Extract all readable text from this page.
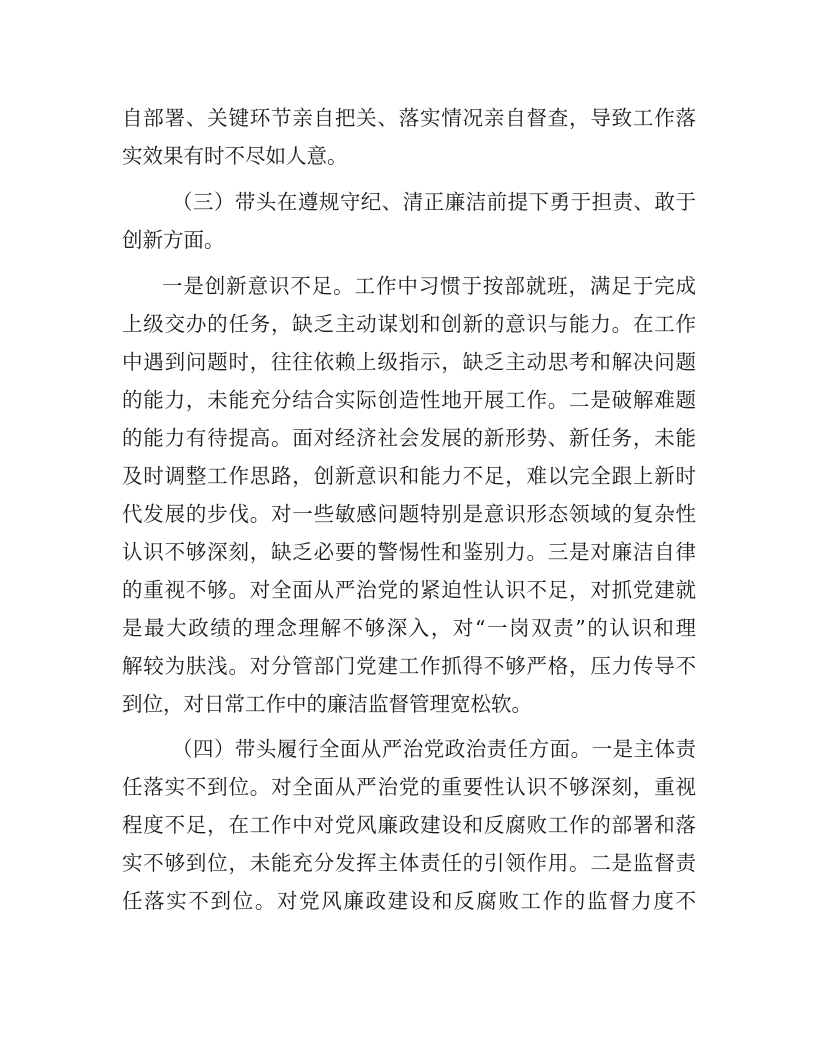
自部署、关键环节亲自把关、落实情况亲自督查，导致工作落
实效果有时不尽如人意。
（三）带头在遵规守纪、清正廉洁前提下勇于担责、敢于
创新方面。
一是创新意识不足。工作中习惯于按部就班，满足于完成
上级交办的任务，缺乏主动谋划和创新的意识与能力。在工作
中遇到问题时，往往依赖上级指示，缺乏主动思考和解决问题
的能力，未能充分结合实际创造性地开展工作。二是破解难题
的能力有待提高。面对经济社会发展的新形势、新任务，未能
及时调整工作思路，创新意识和能力不足，难以完全跟上新时
代发展的步伐。对一些敏感问题特别是意识形态领域的复杂性
认识不够深刻，缺乏必要的警惕性和鉴别力。三是对廉洁自律
的重视不够。对全面从严治党的紧迫性认识不足，对抓党建就
是最大政绩的理念理解不够深入，对“一岗双责”的认识和理
解较为肤浅。对分管部门党建工作抓得不够严格，压力传导不
到位，对日常工作中的廉洁监督管理宽松软。
（四）带头履行全面从严治党政治责任方面。一是主体责
任落实不到位。对全面从严治党的重要性认识不够深刻，重视
程度不足，在工作中对党风廉政建设和反腐败工作的部署和落
实不够到位，未能充分发挥主体责任的引领作用。二是监督责
任落实不到位。对党风廉政建设和反腐败工作的监督力度不
